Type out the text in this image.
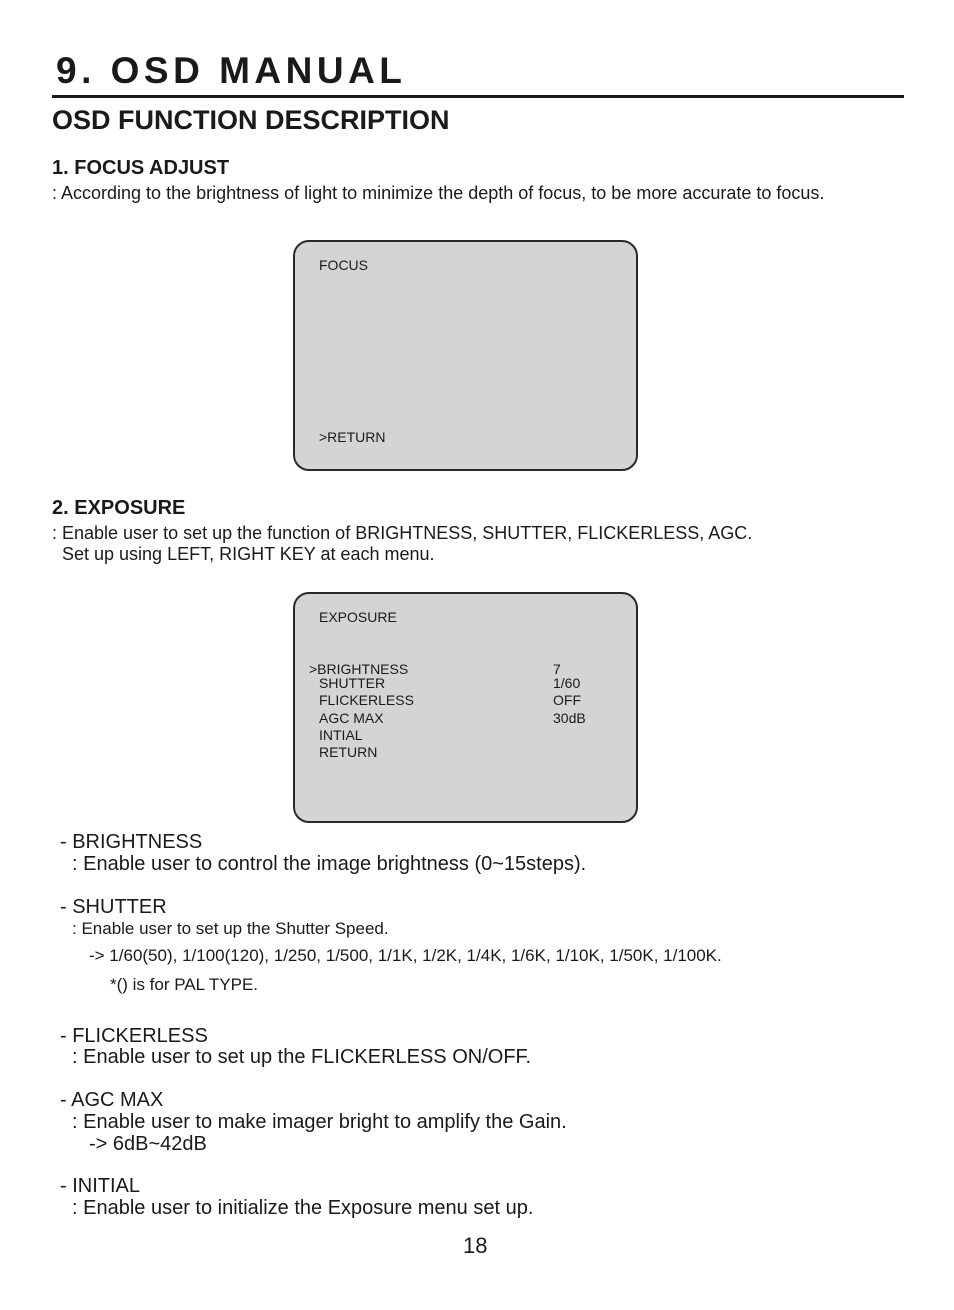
9. OSD MANUAL
OSD FUNCTION DESCRIPTION
1. FOCUS ADJUST
: According to the brightness of light to minimize the depth of focus, to be more accurate to focus.
FOCUS
>RETURN
2. EXPOSURE
: Enable user to set up the function of BRIGHTNESS, SHUTTER, FLICKERLESS, AGC.
Set up using LEFT, RIGHT KEY at each menu.
EXPOSURE
>BRIGHTNESS	7
SHUTTER	1/60
FLICKERLESS	OFF
AGC MAX	30dB
INTIAL
RETURN
- BRIGHTNESS
: Enable user to control the image brightness (0~15steps).
- SHUTTER
: Enable user to set up the Shutter Speed.
-> 1/60(50), 1/100(120), 1/250, 1/500, 1/1K, 1/2K, 1/4K, 1/6K, 1/10K, 1/50K, 1/100K.
*() is for PAL TYPE.
- FLICKERLESS
: Enable user to set up the FLICKERLESS ON/OFF.
- AGC MAX
: Enable user to make imager bright to amplify the Gain.
-> 6dB~42dB
- INITIAL
: Enable user to initialize the Exposure menu set up.
18
